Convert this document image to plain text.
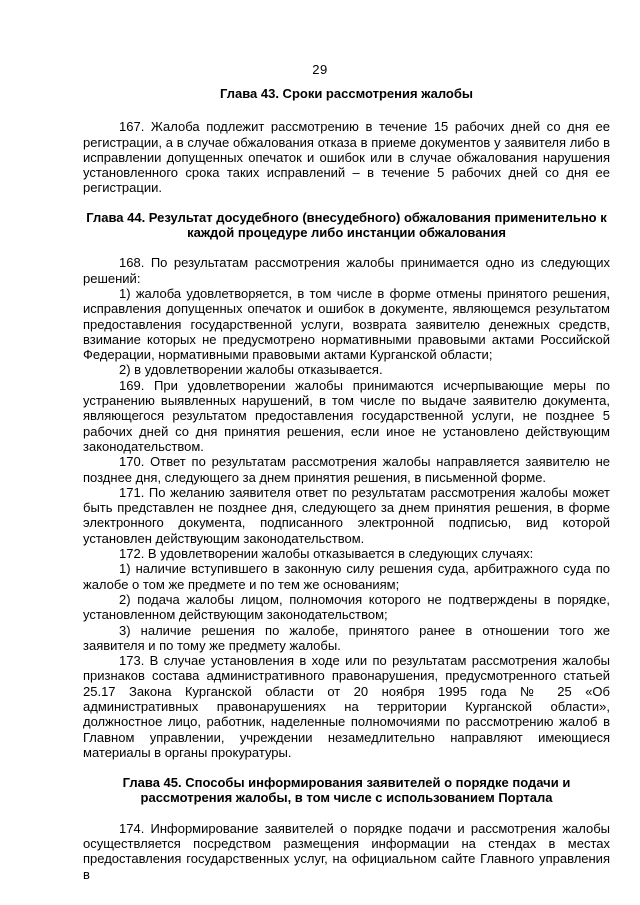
29
Глава 43. Сроки рассмотрения жалобы

167. Жалоба подлежит рассмотрению в течение 15 рабочих дней со дня ее регистрации, а в случае обжалования отказа в приеме документов у заявителя либо в исправлении допущенных опечаток и ошибок или в случае обжалования нарушения установленного срока таких исправлений – в течение 5 рабочих дней со дня ее регистрации.

Глава 44. Результат досудебного (внесудебного) обжалования применительно к
каждой процедуре либо инстанции обжалования

168. По результатам рассмотрения жалобы принимается одно из следующих решений:

1) жалоба удовлетворяется, в том числе в форме отмены принятого решения, исправления допущенных опечаток и ошибок в документе, являющемся результатом предоставления государственной услуги, возврата заявителю денежных средств, взимание которых не предусмотрено нормативными правовыми актами Российской Федерации, нормативными правовыми актами Курганской области;

2) в удовлетворении жалобы отказывается.

169. При удовлетворении жалобы принимаются исчерпывающие меры по устранению выявленных нарушений, в том числе по выдаче заявителю документа, являющегося результатом предоставления государственной услуги, не позднее 5 рабочих дней со дня принятия решения, если иное не установлено действующим законодательством.

170. Ответ по результатам рассмотрения жалобы направляется заявителю не позднее дня, следующего за днем принятия решения, в письменной форме.

171. По желанию заявителя ответ по результатам рассмотрения жалобы может быть представлен не позднее дня, следующего за днем принятия решения, в форме электронного документа, подписанного электронной подписью, вид которой установлен действующим законодательством.

172. В удовлетворении жалобы отказывается в следующих случаях:

1) наличие вступившего в законную силу решения суда, арбитражного суда по жалобе о том же предмете и по тем же основаниям;

2) подача жалобы лицом, полномочия которого не подтверждены в порядке, установленном действующим законодательством;

3) наличие решения по жалобе, принятого ранее в отношении того же заявителя и по тому же предмету жалобы.

173. В случае установления в ходе или по результатам рассмотрения жалобы признаков состава административного правонарушения, предусмотренного статьей 25.17 Закона Курганской области от 20 ноября 1995 года № 25 «Об административных правонарушениях на территории Курганской области», должностное лицо, работник, наделенные полномочиями по рассмотрению жалоб в Главном управлении, учреждении незамедлительно направляют имеющиеся материалы в органы прокуратуры.

Глава 45. Способы информирования заявителей о порядке подачи и
рассмотрения жалобы, в том числе с использованием Портала

174. Информирование заявителей о порядке подачи и рассмотрения жалобы осуществляется посредством размещения информации на стендах в местах предоставления государственных услуг, на официальном сайте Главного управления в
